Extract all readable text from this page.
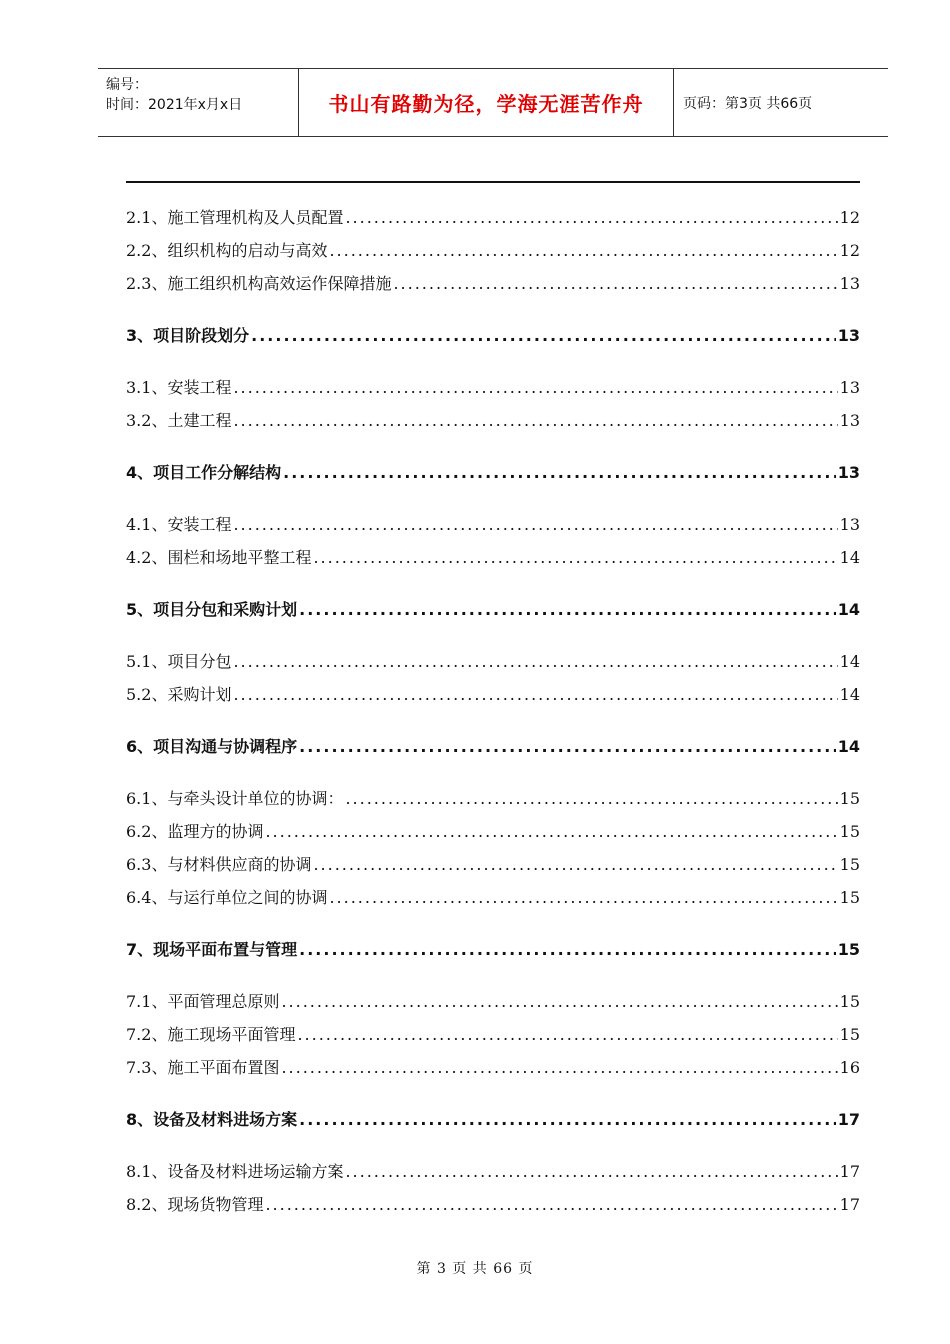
编号：
时间：2021年x月x日	书山有路勤为径，学海无涯苦作舟	页码：第3页 共66页
2.1、施工管理机构及人员配置 .....	12
2.2、组织机构的启动与高效 .....	12
2.3、施工组织机构高效运作保障措施 .....	13
3、项目阶段划分 .....	13
3.1、安装工程 .....	13
3.2、土建工程 .....	13
4、项目工作分解结构 .....	13
4.1、安装工程 .....	13
4.2、围栏和场地平整工程 .....	14
5、项目分包和采购计划 .....	14
5.1、项目分包 .....	14
5.2、采购计划 .....	14
6、项目沟通与协调程序 .....	14
6.1、与牵头设计单位的协调： .....	15
6.2、监理方的协调 .....	15
6.3、与材料供应商的协调 .....	15
6.4、与运行单位之间的协调 .....	15
7、现场平面布置与管理 .....	15
7.1、平面管理总原则 .....	15
7.2、施工现场平面管理 .....	15
7.3、施工平面布置图 .....	16
8、设备及材料进场方案 .....	17
8.1、设备及材料进场运输方案 .....	17
8.2、现场货物管理 .....	17
第 3 页 共 66 页
